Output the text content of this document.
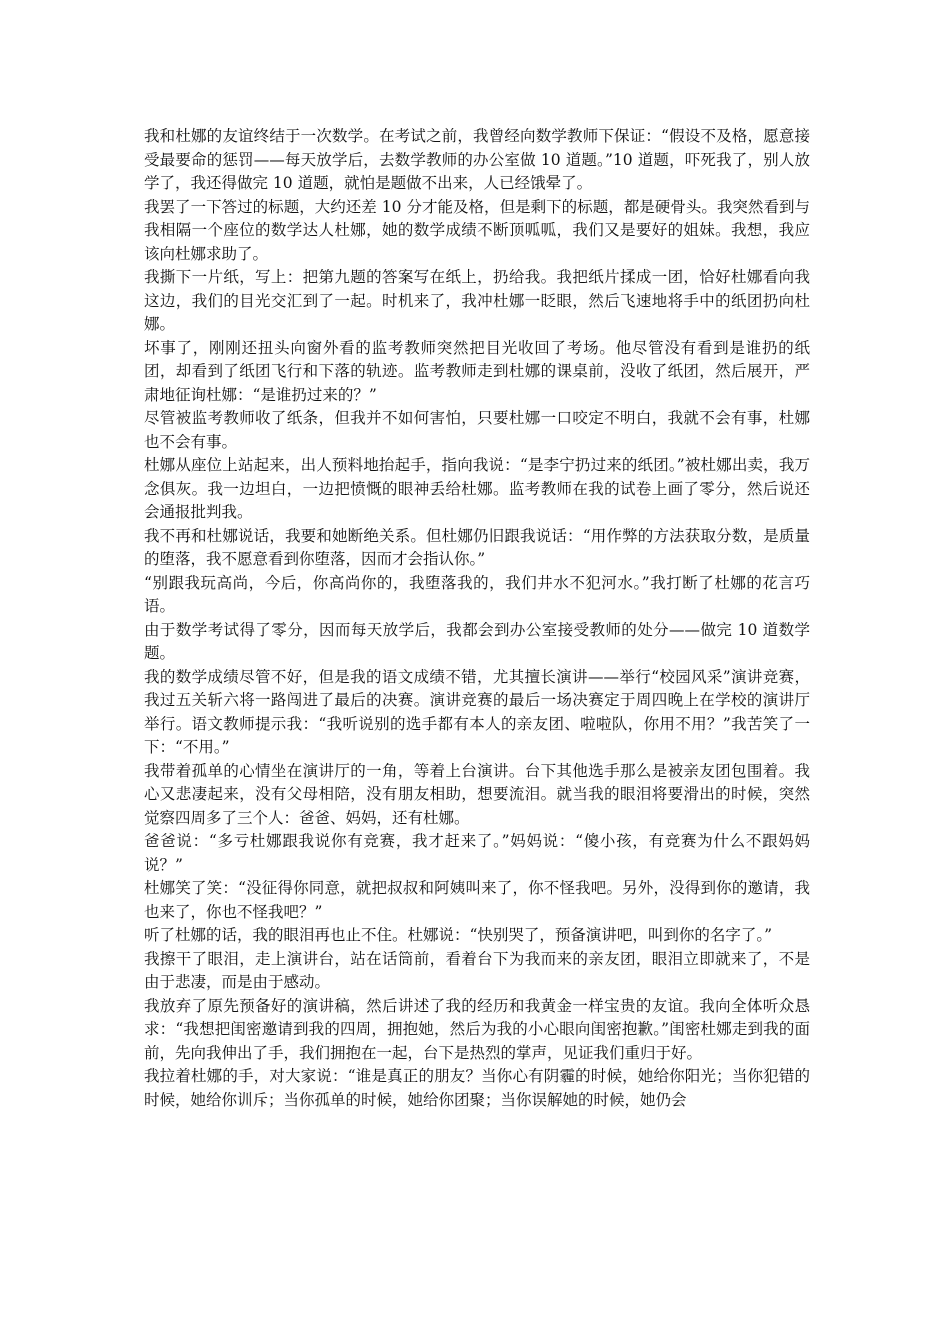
我和杜娜的友谊终结于一次数学。在考试之前，我曾经向数学教师下保证：“假设不及格，愿意接受最要命的惩罚——每天放学后，去数学教师的办公室做 10 道题。”10 道题，吓死我了，别人放学了，我还得做完 10 道题，就怕是题做不出来，人已经饿晕了。

我罢了一下答过的标题，大约还差 10 分才能及格，但是剩下的标题，都是硬骨头。我突然看到与我相隔一个座位的数学达人杜娜，她的数学成绩不断顶呱呱，我们又是要好的姐妹。我想，我应该向杜娜求助了。

我撕下一片纸，写上：把第九题的答案写在纸上，扔给我。我把纸片揉成一团，恰好杜娜看向我这边，我们的目光交汇到了一起。时机来了，我冲杜娜一眨眼，然后飞速地将手中的纸团扔向杜娜。

坏事了，刚刚还扭头向窗外看的监考教师突然把目光收回了考场。他尽管没有看到是谁扔的纸团，却看到了纸团飞行和下落的轨迹。监考教师走到杜娜的课桌前，没收了纸团，然后展开，严肃地征询杜娜：“是谁扔过来的？”

尽管被监考教师收了纸条，但我并不如何害怕，只要杜娜一口咬定不明白，我就不会有事，杜娜也不会有事。

杜娜从座位上站起来，出人预料地抬起手，指向我说：“是李宁扔过来的纸团。”被杜娜出卖，我万念俱灰。我一边坦白，一边把愤慨的眼神丢给杜娜。监考教师在我的试卷上画了零分，然后说还会通报批判我。

我不再和杜娜说话，我要和她断绝关系。但杜娜仍旧跟我说话：“用作弊的方法获取分数，是质量的堕落，我不愿意看到你堕落，因而才会指认你。”

“别跟我玩高尚，今后，你高尚你的，我堕落我的，我们井水不犯河水。”我打断了杜娜的花言巧语。

由于数学考试得了零分，因而每天放学后，我都会到办公室接受教师的处分——做完 10 道数学题。

我的数学成绩尽管不好，但是我的语文成绩不错，尤其擅长演讲——举行“校园风采”演讲竞赛，我过五关斩六将一路闯进了最后的决赛。演讲竞赛的最后一场决赛定于周四晚上在学校的演讲厅举行。语文教师提示我：“我听说别的选手都有本人的亲友团、啦啦队，你用不用？”我苦笑了一下：“不用。”

我带着孤单的心情坐在演讲厅的一角，等着上台演讲。台下其他选手那么是被亲友团包围着。我心又悲凄起来，没有父母相陪，没有朋友相助，想要流泪。就当我的眼泪将要滑出的时候，突然觉察四周多了三个人：爸爸、妈妈，还有杜娜。

爸爸说：“多亏杜娜跟我说你有竞赛，我才赶来了。”妈妈说：“傻小孩，有竞赛为什么不跟妈妈说？”

杜娜笑了笑：“没征得你同意，就把叔叔和阿姨叫来了，你不怪我吧。另外，没得到你的邀请，我也来了，你也不怪我吧？”

听了杜娜的话，我的眼泪再也止不住。杜娜说：“快别哭了，预备演讲吧，叫到你的名字了。”

我擦干了眼泪，走上演讲台，站在话筒前，看着台下为我而来的亲友团，眼泪立即就来了，不是由于悲凄，而是由于感动。

我放弃了原先预备好的演讲稿，然后讲述了我的经历和我黄金一样宝贵的友谊。我向全体听众恳求：“我想把闺密邀请到我的四周，拥抱她，然后为我的小心眼向闺密抱歉。”闺密杜娜走到我的面前，先向我伸出了手，我们拥抱在一起，台下是热烈的掌声，见证我们重归于好。

我拉着杜娜的手，对大家说：“谁是真正的朋友？当你心有阴霾的时候，她给你阳光；当你犯错的时候，她给你训斥；当你孤单的时候，她给你团聚；当你误解她的时候，她仍会
